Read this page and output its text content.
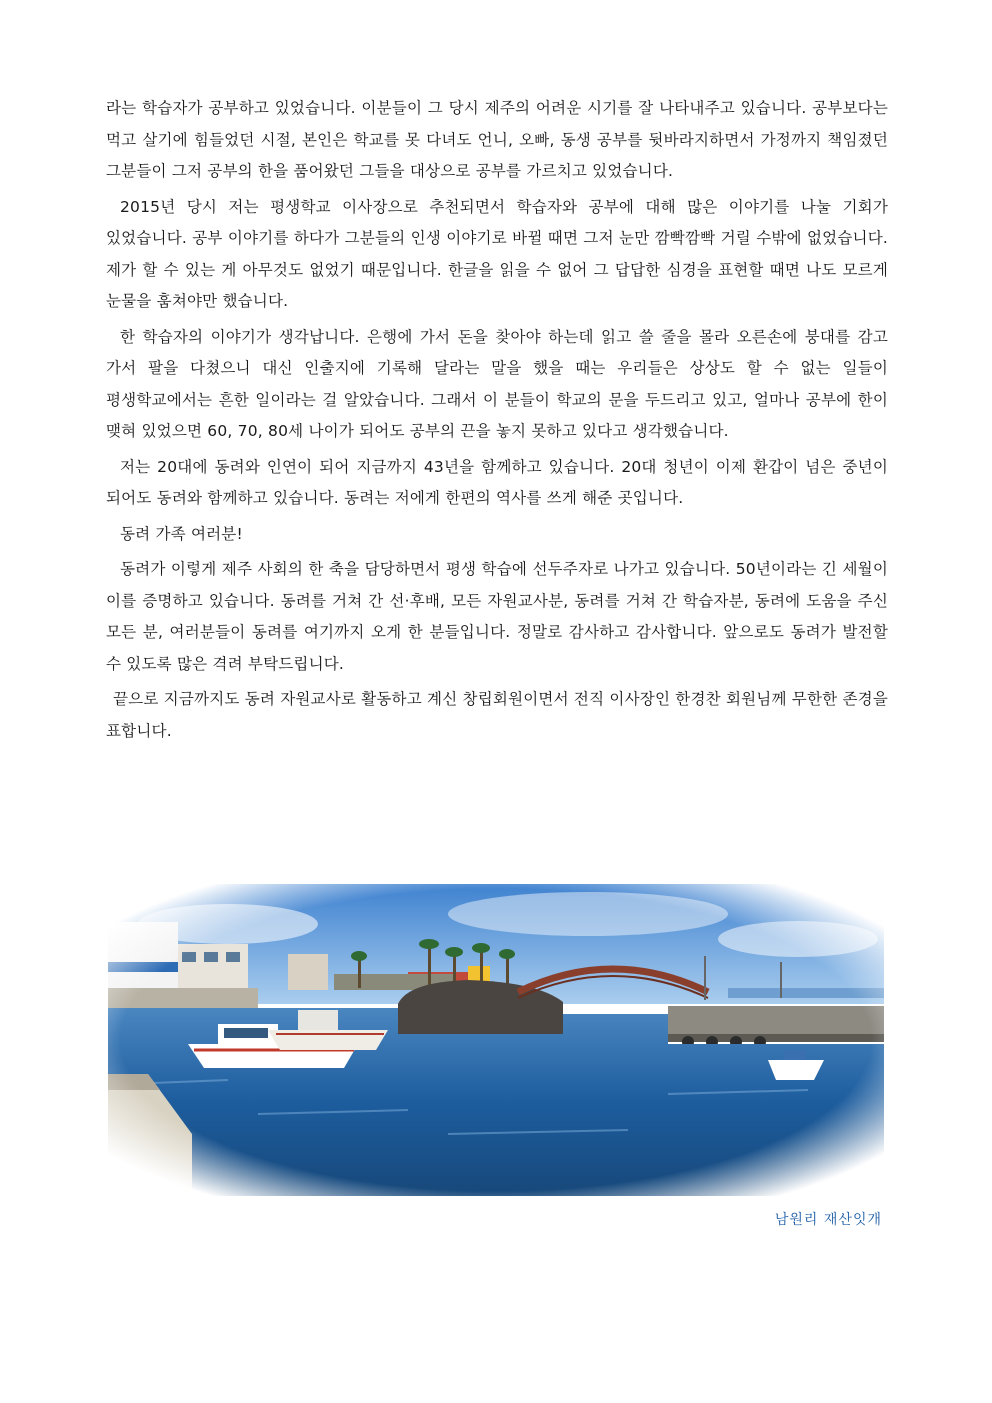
라는 학습자가 공부하고 있었습니다. 이분들이 그 당시 제주의 어려운 시기를 잘 나타내주고 있습니다. 공부보다는 먹고 살기에 힘들었던 시절, 본인은 학교를 못 다녀도 언니, 오빠, 동생 공부를 뒷바라지하면서 가정까지 책임졌던 그분들이 그저 공부의 한을 품어왔던 그들을 대상으로 공부를 가르치고 있었습니다.

2015년 당시 저는 평생학교 이사장으로 추천되면서 학습자와 공부에 대해 많은 이야기를 나눌 기회가 있었습니다. 공부 이야기를 하다가 그분들의 인생 이야기로 바뀔 때면 그저 눈만 깜빡깜빡 거릴 수밖에 없었습니다. 제가 할 수 있는 게 아무것도 없었기 때문입니다. 한글을 읽을 수 없어 그 답답한 심경을 표현할 때면 나도 모르게 눈물을 훔쳐야만 했습니다.

한 학습자의 이야기가 생각납니다. 은행에 가서 돈을 찾아야 하는데 읽고 쓸 줄을 몰라 오른손에 붕대를 감고 가서 팔을 다쳤으니 대신 인출지에 기록해 달라는 말을 했을 때는 우리들은 상상도 할 수 없는 일들이 평생학교에서는 흔한 일이라는 걸 알았습니다. 그래서 이 분들이 학교의 문을 두드리고 있고, 얼마나 공부에 한이 맺혀 있었으면 60, 70, 80세 나이가 되어도 공부의 끈을 놓지 못하고 있다고 생각했습니다.

저는 20대에 동려와 인연이 되어 지금까지 43년을 함께하고 있습니다. 20대 청년이 이제 환갑이 넘은 중년이 되어도 동려와 함께하고 있습니다. 동려는 저에게 한편의 역사를 쓰게 해준 곳입니다.

동려 가족 여러분!

동려가 이렇게 제주 사회의 한 축을 담당하면서 평생 학습에 선두주자로 나가고 있습니다. 50년이라는 긴 세월이 이를 증명하고 있습니다. 동려를 거쳐 간 선·후배, 모든 자원교사분, 동려를 거쳐 간 학습자분, 동려에 도움을 주신 모든 분, 여러분들이 동려를 여기까지 오게 한 분들입니다. 정말로 감사하고 감사합니다. 앞으로도 동려가 발전할 수 있도록 많은 격려 부탁드립니다.

끝으로 지금까지도 동려 자원교사로 활동하고 계신 창립회원이면서 전직 이사장인 한경찬 회원님께 무한한 존경을 표합니다.

남원리 재산잇개
